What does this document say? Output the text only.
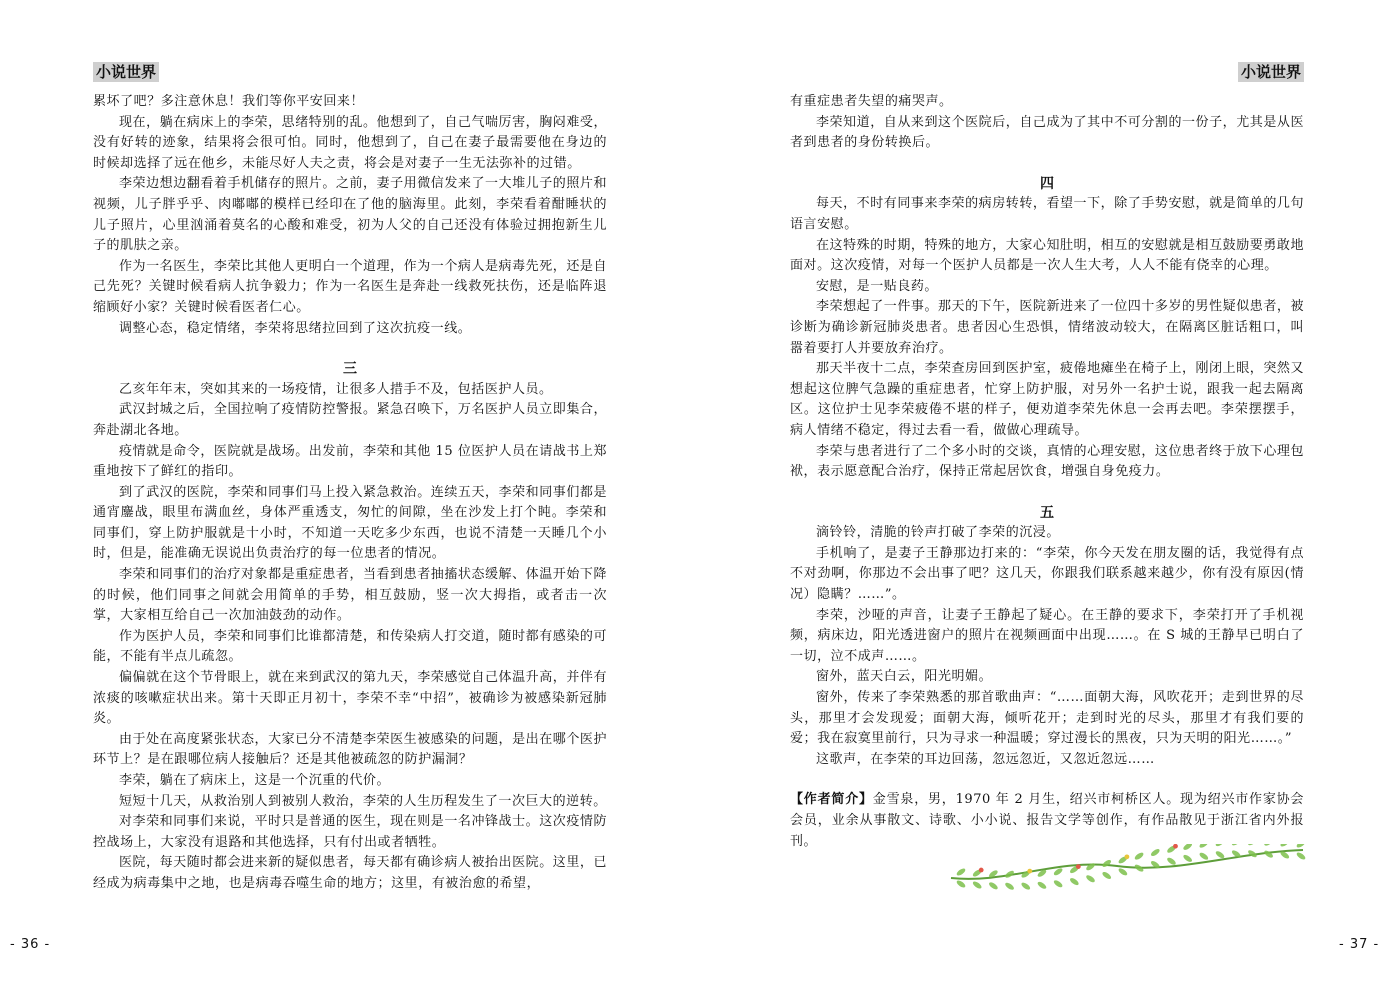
小说世界

累坏了吧？多注意休息！我们等你平安回来！

现在，躺在病床上的李荣，思绪特别的乱。他想到了，自己气喘厉害，胸闷难受，没有好转的迹象，结果将会很可怕。同时，他想到了，自己在妻子最需要他在身边的时候却选择了远在他乡，未能尽好人夫之责，将会是对妻子一生无法弥补的过错。

李荣边想边翻看着手机储存的照片。之前，妻子用微信发来了一大堆儿子的照片和视频，儿子胖乎乎、肉嘟嘟的模样已经印在了他的脑海里。此刻，李荣看着酣睡状的儿子照片，心里汹涌着莫名的心酸和难受，初为人父的自己还没有体验过拥抱新生儿子的肌肤之亲。

作为一名医生，李荣比其他人更明白一个道理，作为一个病人是病毒先死，还是自己先死？关键时候看病人抗争毅力；作为一名医生是奔赴一线救死扶伤，还是临阵退缩顾好小家？关键时候看医者仁心。

调整心态，稳定情绪，李荣将思绪拉回到了这次抗疫一线。

三

乙亥年年末，突如其来的一场疫情，让很多人措手不及，包括医护人员。

武汉封城之后，全国拉响了疫情防控警报。紧急召唤下，万名医护人员立即集合，奔赴湖北各地。

疫情就是命令，医院就是战场。出发前，李荣和其他 15 位医护人员在请战书上郑重地按下了鲜红的指印。

到了武汉的医院，李荣和同事们马上投入紧急救治。连续五天，李荣和同事们都是通宵鏖战，眼里布满血丝，身体严重透支，匆忙的间隙，坐在沙发上打个盹。李荣和同事们，穿上防护服就是十小时，不知道一天吃多少东西，也说不清楚一天睡几个小时，但是，能准确无误说出负责治疗的每一位患者的情况。

李荣和同事们的治疗对象都是重症患者，当看到患者抽搐状态缓解、体温开始下降的时候，他们同事之间就会用简单的手势，相互鼓励，竖一次大拇指，或者击一次掌，大家相互给自己一次加油鼓劲的动作。

作为医护人员，李荣和同事们比谁都清楚，和传染病人打交道，随时都有感染的可能，不能有半点儿疏忽。

偏偏就在这个节骨眼上，就在来到武汉的第九天，李荣感觉自己体温升高，并伴有浓痰的咳嗽症状出来。第十天即正月初十，李荣不幸“中招”，被确诊为被感染新冠肺炎。

由于处在高度紧张状态，大家已分不清楚李荣医生被感染的问题，是出在哪个医护环节上？是在跟哪位病人接触后？还是其他被疏忽的防护漏洞？

李荣，躺在了病床上，这是一个沉重的代价。

短短十几天，从救治别人到被别人救治，李荣的人生历程发生了一次巨大的逆转。

对李荣和同事们来说，平时只是普通的医生，现在则是一名冲锋战士。这次疫情防控战场上，大家没有退路和其他选择，只有付出或者牺牲。

医院，每天随时都会进来新的疑似患者，每天都有确诊病人被抬出医院。这里，已经成为病毒集中之地，也是病毒吞噬生命的地方；这里，有被治愈的希望，

- 36 -
小说世界

有重症患者失望的痛哭声。

李荣知道，自从来到这个医院后，自己成为了其中不可分割的一份子，尤其是从医者到患者的身份转换后。

四

每天，不时有同事来李荣的病房转转，看望一下，除了手势安慰，就是简单的几句语言安慰。

在这特殊的时期，特殊的地方，大家心知肚明，相互的安慰就是相互鼓励要勇敢地面对。这次疫情，对每一个医护人员都是一次人生大考，人人不能有侥幸的心理。

安慰，是一贴良药。

李荣想起了一件事。那天的下午，医院新进来了一位四十多岁的男性疑似患者，被诊断为确诊新冠肺炎患者。患者因心生恐惧，情绪波动较大，在隔离区脏话粗口，叫嚣着要打人并要放弃治疗。

那天半夜十二点，李荣查房回到医护室，疲倦地瘫坐在椅子上，刚闭上眼，突然又想起这位脾气急躁的重症患者，忙穿上防护服，对另外一名护士说，跟我一起去隔离区。这位护士见李荣疲倦不堪的样子，便劝道李荣先休息一会再去吧。李荣摆摆手，病人情绪不稳定，得过去看一看，做做心理疏导。

李荣与患者进行了二个多小时的交谈，真情的心理安慰，这位患者终于放下心理包袱，表示愿意配合治疗，保持正常起居饮食，增强自身免疫力。

五

滴铃铃，清脆的铃声打破了李荣的沉浸。

手机响了，是妻子王静那边打来的：“李荣，你今天发在朋友圈的话，我觉得有点不对劲啊，你那边不会出事了吧？这几天，你跟我们联系越来越少，你有没有原因(情况）隐瞒？……”。

李荣，沙哑的声音，让妻子王静起了疑心。在王静的要求下，李荣打开了手机视频，病床边，阳光透进窗户的照片在视频画面中出现……。在 S 城的王静早已明白了一切，泣不成声……。

窗外，蓝天白云，阳光明媚。

窗外，传来了李荣熟悉的那首歌曲声：“……面朝大海，风吹花开；走到世界的尽头，那里才会发现爱；面朝大海，倾听花开；走到时光的尽头，那里才有我们要的爱；我在寂寞里前行，只为寻求一种温暖；穿过漫长的黑夜，只为天明的阳光……。”

这歌声，在李荣的耳边回荡，忽远忽近，又忽近忽远……

【作者简介】金雪泉，男，1970 年 2 月生，绍兴市柯桥区人。现为绍兴市作家协会会员，业余从事散文、诗歌、小小说、报告文学等创作，有作品散见于浙江省内外报刊。

- 37 -
